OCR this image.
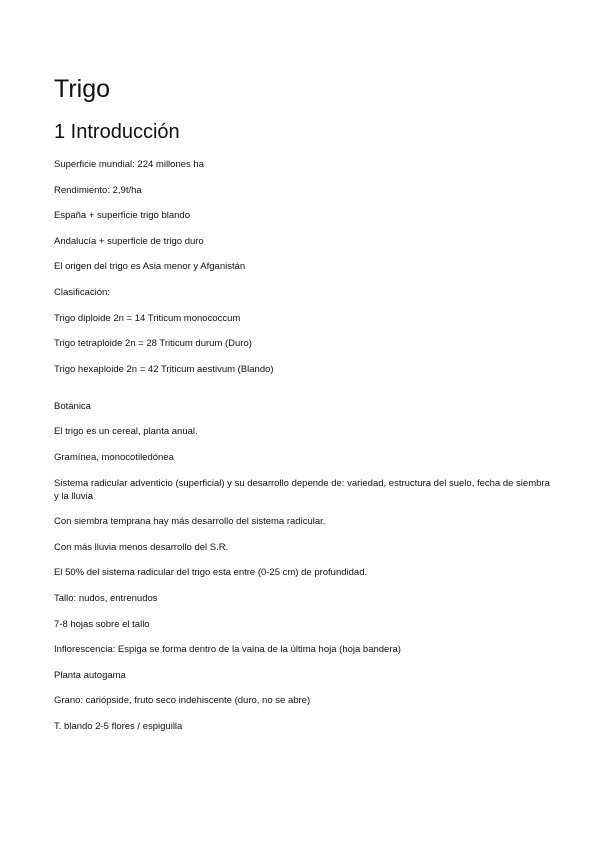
Trigo
1 Introducción

Superficie mundial: 224 millones ha

Rendimiento: 2,9t/ha

España + superficie trigo blando

Andalucía + superficie de trigo duro

El origen del trigo es Asia menor y Afganistán

Clasificación:

Trigo diploide 2n = 14 Triticum monococcum

Trigo tetraploide 2n = 28 Triticum durum (Duro)

Trigo hexaploide 2n = 42 Triticum aestivum (Blando)

Botánica

El trigo es un cereal, planta anual.

Gramínea, monocotiledónea

Sistema radicular adventicio (superficial) y su desarrollo depende de: variedad, estructura del suelo, fecha de siembra y la lluvia

Con siembra temprana hay más desarrollo del sistema radicular.

Con más lluvia menos desarrollo del S.R.

El 50% del sistema radicular del trigo esta entre (0-25 cm) de profundidad.

Tallo: nudos, entrenudos

7-8 hojas sobre el tallo

Inflorescencia: Espiga se forma dentro de la vaina de la última hoja (hoja bandera)

Planta autogama

Grano: cariópside, fruto seco indehiscente (duro, no se abre)

T. blando 2-5 flores / espiguilla
